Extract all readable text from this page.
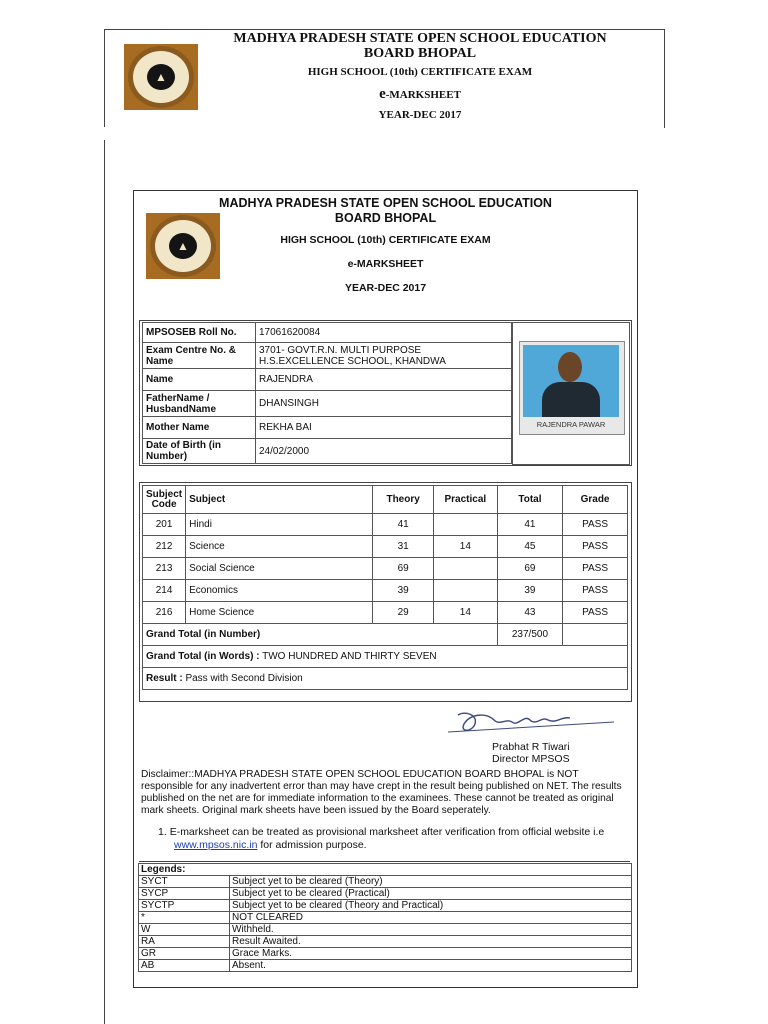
▲
MADHYA PRADESH STATE OPEN SCHOOL EDUCATION
BOARD BHOPAL
HIGH SCHOOL (10th) CERTIFICATE EXAM
e-MARKSHEET
YEAR-DEC 2017
▲
MADHYA PRADESH STATE OPEN SCHOOL EDUCATION
BOARD BHOPAL
HIGH SCHOOL (10th) CERTIFICATE EXAM
e-MARKSHEET
YEAR-DEC 2017
MPSOSEB Roll No.	17061620084
Exam Centre No. & Name	3701- GOVT.R.N. MULTI PURPOSE H.S.EXCELLENCE SCHOOL, KHANDWA
Name	RAJENDRA
FatherName / HusbandName	DHANSINGH
Mother Name	REKHA BAI
Date of Birth (in Number)	24/02/2000
RAJENDRA PAWAR
Subject Code	Subject	Theory	Practical	Total	Grade
201	Hindi	41		41	PASS
212	Science	31	14	45	PASS
213	Social Science	69		69	PASS
214	Economics	39		39	PASS
216	Home Science	29	14	43	PASS
Grand Total (in Number)				237/500	
Grand Total (in Words) : TWO HUNDRED AND THIRTY SEVEN					
Result : Pass with Second Division					
Prabhat R Tiwari
Director MPSOS
Disclaimer::MADHYA PRADESH STATE OPEN SCHOOL EDUCATION BOARD BHOPAL is NOT responsible for any inadvertent error than may have crept in the result being published on NET. The results published on the net are for immediate information to the examinees. These cannot be treated as original mark sheets. Original mark sheets have been issued by the Board seperately.
1. E-marksheet can be treated as provisional marksheet after verification from official website i.e www.mpsos.nic.in for admission purpose.
Legends:	
SYCT	Subject yet to be cleared (Theory)
SYCP	Subject yet to be cleared (Practical)
SYCTP	Subject yet to be cleared (Theory and Practical)
*	NOT CLEARED
W	Withheld.
RA	Result Awaited.
GR	Grace Marks.
AB	Absent.
